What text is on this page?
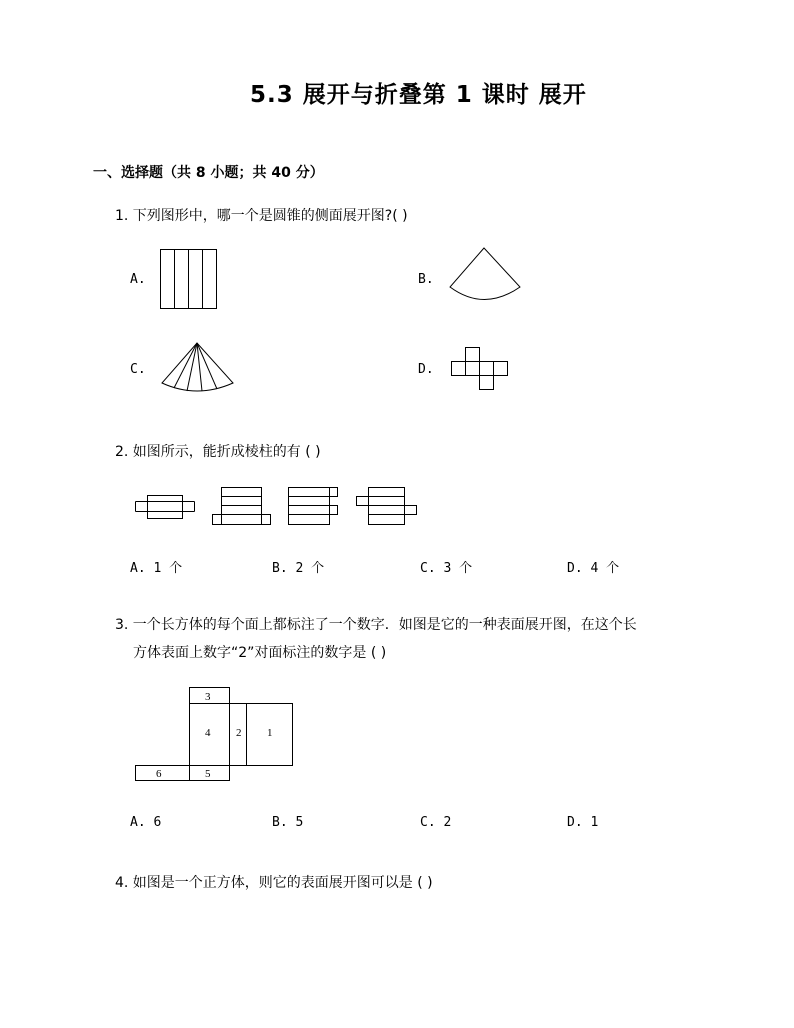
5.3 展开与折叠第 1 课时 展开
一、选择题（共 8 小题；共 40 分）
1. 下列图形中，哪一个是圆锥的侧面展开图?( )
A.	B.
C.	D.
2. 如图所示，能折成棱柱的有 ( )
A. 1 个	B. 2 个	C. 3 个	D. 4 个
3. 一个长方体的每个面上都标注了一个数字．如图是它的一种表面展开图，在这个长
方体表面上数字“2”对面标注的数字是 ( )
3
4 2 1
6	5
A. 6	B. 5	C. 2	D. 1
4. 如图是一个正方体，则它的表面展开图可以是 ( )
